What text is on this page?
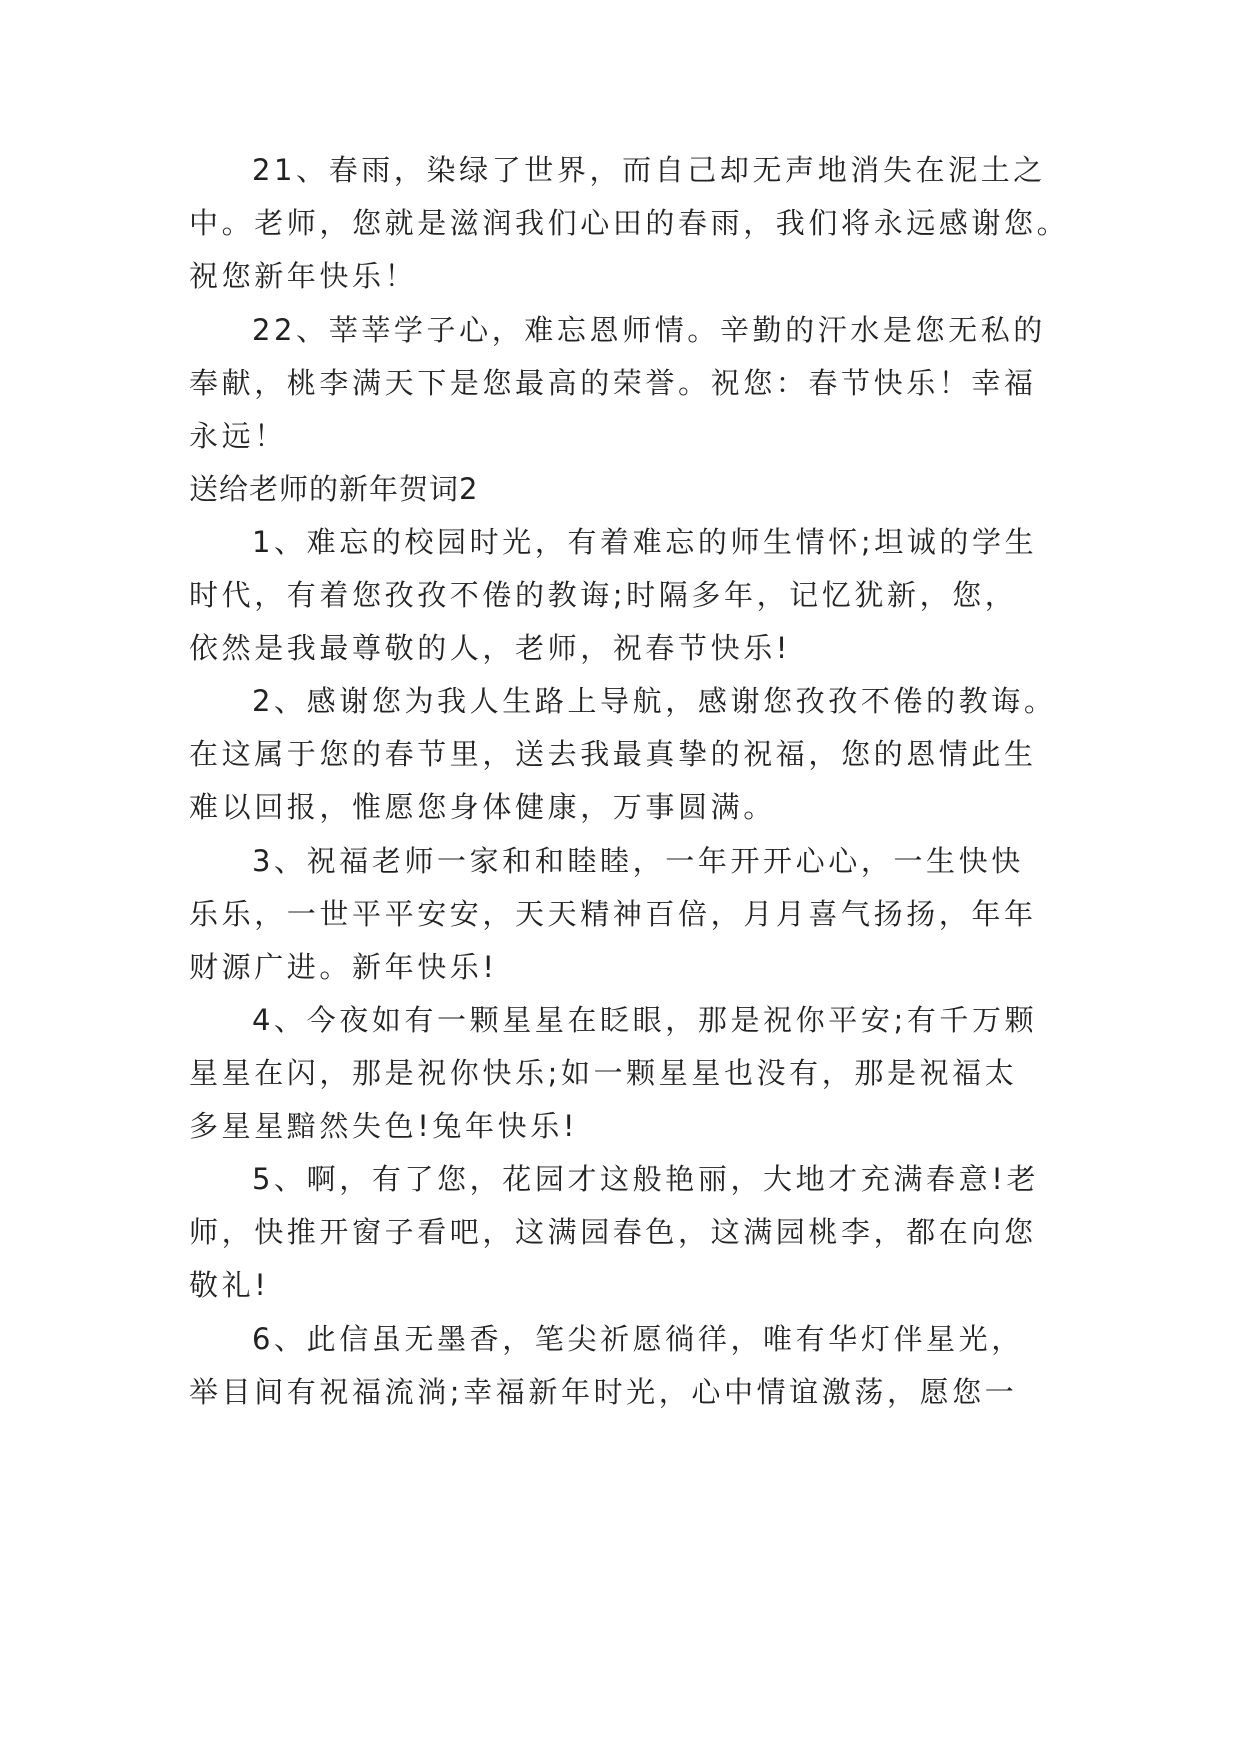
21、春雨，染绿了世界，而自己却无声地消失在泥土之
中。老师，您就是滋润我们心田的春雨，我们将永远感谢您。
祝您新年快乐！
22、莘莘学子心，难忘恩师情。辛勤的汗水是您无私的
奉献，桃李满天下是您最高的荣誉。祝您：春节快乐！幸福
永远！
送给老师的新年贺词2
1、难忘的校园时光，有着难忘的师生情怀;坦诚的学生
时代，有着您孜孜不倦的教诲;时隔多年，记忆犹新，您，
依然是我最尊敬的人，老师，祝春节快乐!
2、感谢您为我人生路上导航，感谢您孜孜不倦的教诲。
在这属于您的春节里，送去我最真挚的祝福，您的恩情此生
难以回报，惟愿您身体健康，万事圆满。
3、祝福老师一家和和睦睦，一年开开心心，一生快快
乐乐，一世平平安安，天天精神百倍，月月喜气扬扬，年年
财源广进。新年快乐!
4、今夜如有一颗星星在眨眼，那是祝你平安;有千万颗
星星在闪，那是祝你快乐;如一颗星星也没有，那是祝福太
多星星黯然失色!兔年快乐!
5、啊，有了您，花园才这般艳丽，大地才充满春意!老
师，快推开窗子看吧，这满园春色，这满园桃李，都在向您
敬礼!
6、此信虽无墨香，笔尖祈愿徜徉，唯有华灯伴星光，
举目间有祝福流淌;幸福新年时光，心中情谊激荡，愿您一
